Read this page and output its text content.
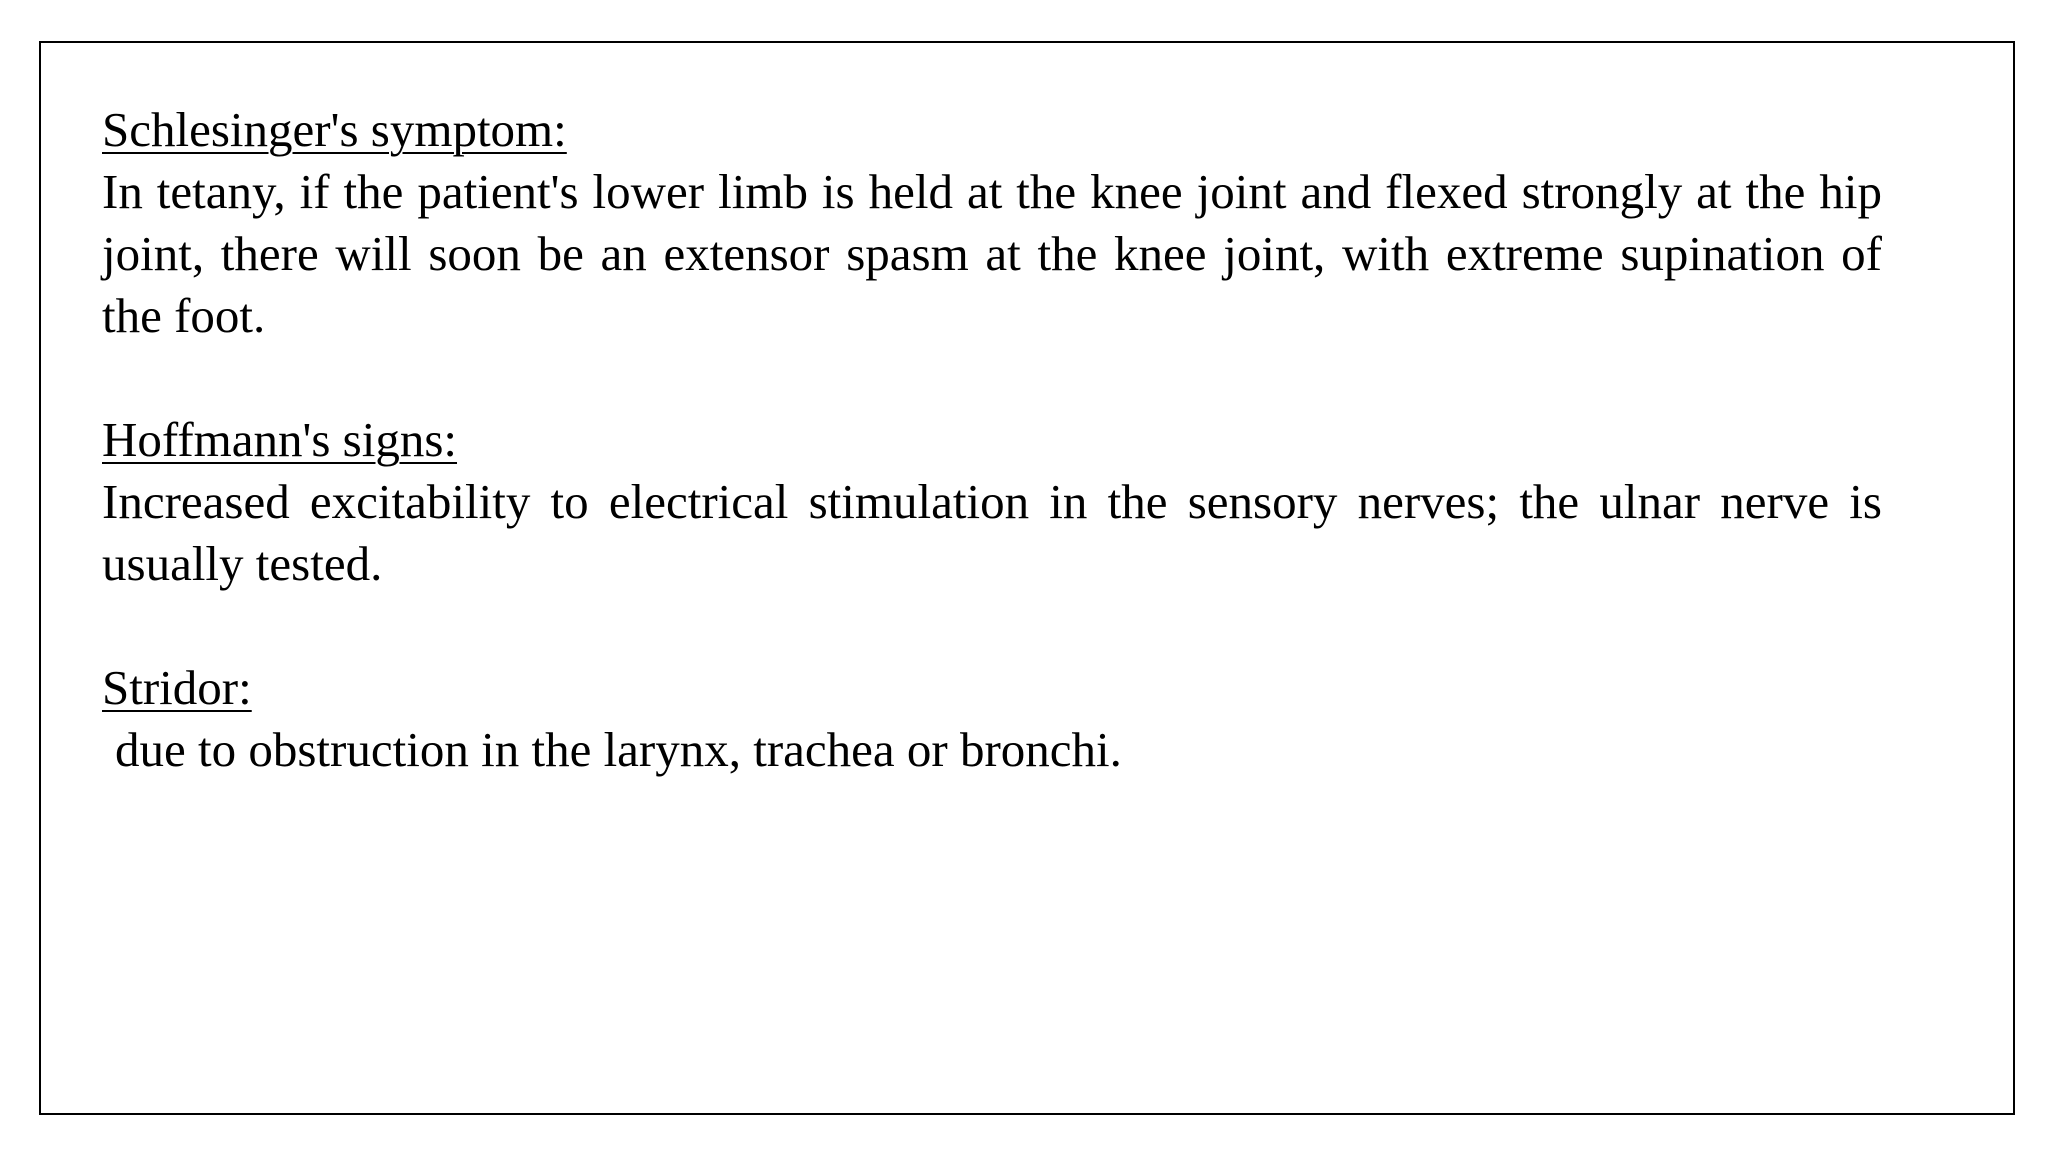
Schlesinger's symptom:

In tetany, if the patient's lower limb is held at the knee joint and flexed strongly at the hip joint, there will soon be an extensor spasm at the knee joint, with extreme supination of the foot.

Hoffmann's signs:

Increased excitability to electrical stimulation in the sensory nerves; the ulnar nerve is usually tested.

Stridor:

due to obstruction in the larynx, trachea or bronchi.
